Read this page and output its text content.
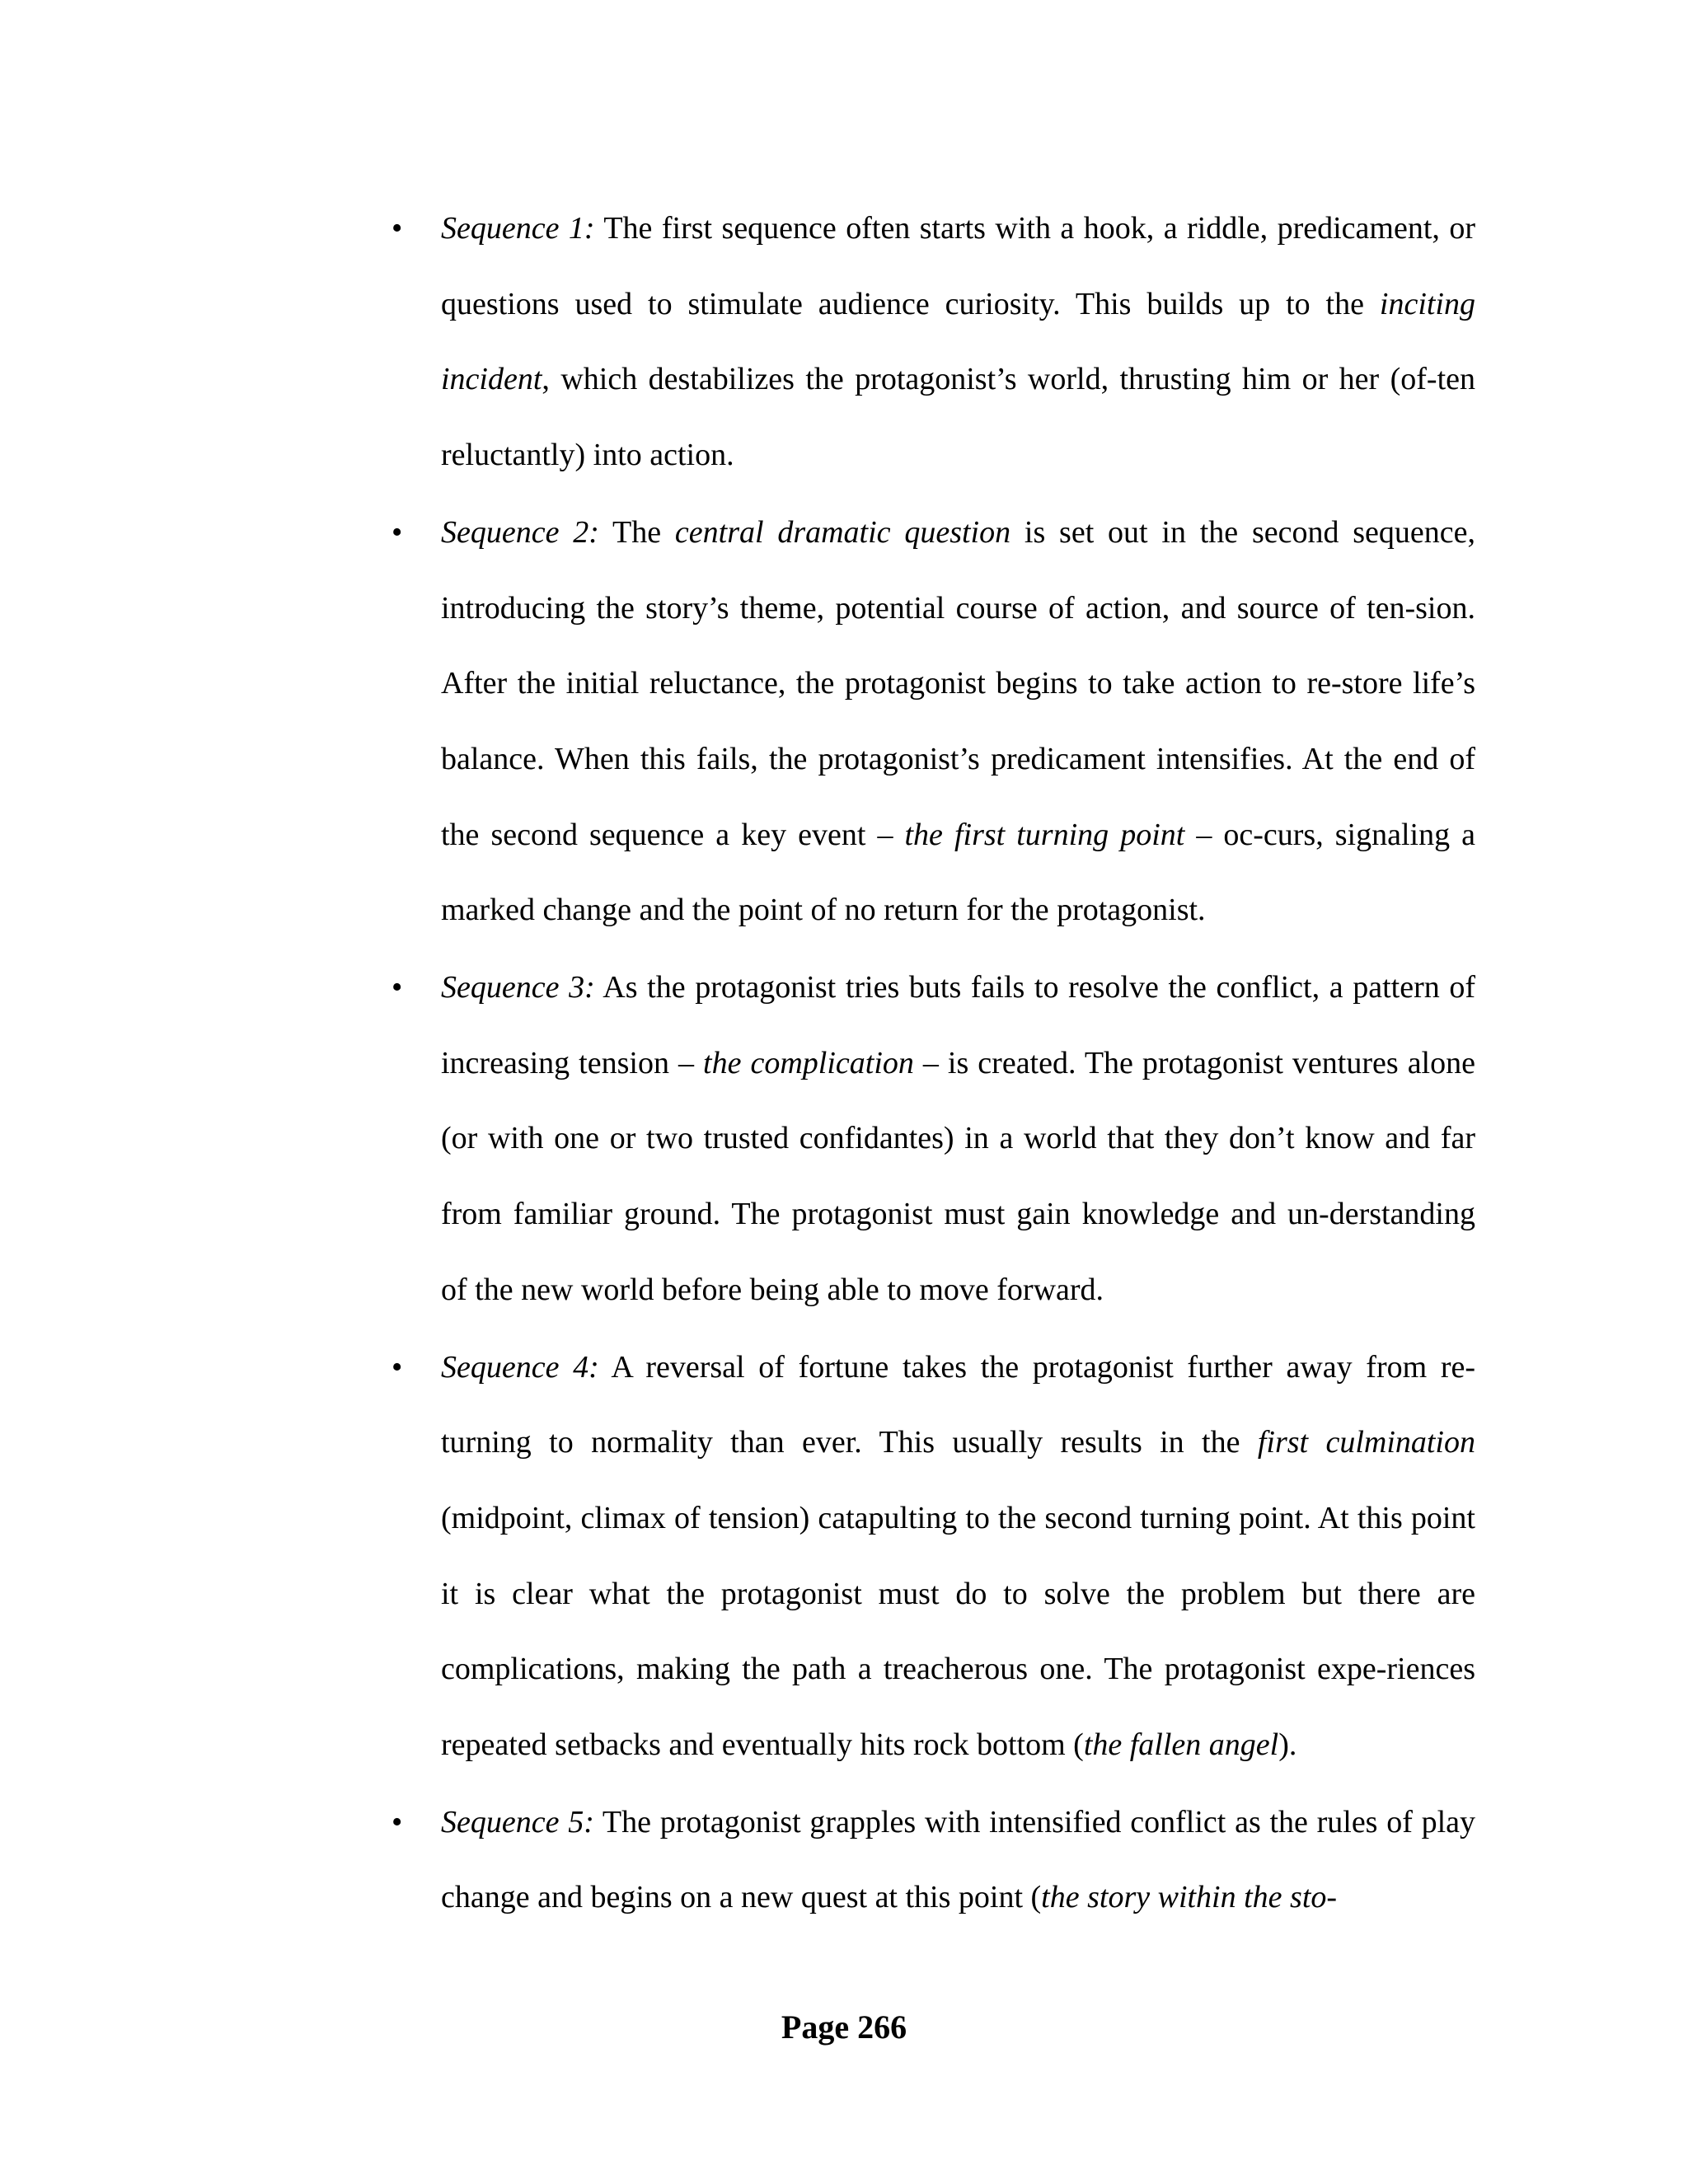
• Sequence 1: The first sequence often starts with a hook, a riddle, predicament, or questions used to stimulate audience curiosity. This builds up to the inciting incident, which destabilizes the protagonist’s world, thrusting him or her (of-ten reluctantly) into action.
• Sequence 2: The central dramatic question is set out in the second sequence, introducing the story’s theme, potential course of action, and source of ten-sion. After the initial reluctance, the protagonist begins to take action to re-store life’s balance. When this fails, the protagonist’s predicament intensifies. At the end of the second sequence a key event – the first turning point – oc-curs, signaling a marked change and the point of no return for the protagonist.
• Sequence 3: As the protagonist tries buts fails to resolve the conflict, a pattern of increasing tension – the complication – is created. The protagonist ventures alone (or with one or two trusted confidantes) in a world that they don’t know and far from familiar ground. The protagonist must gain knowledge and un-derstanding of the new world before being able to move forward.
• Sequence 4: A reversal of fortune takes the protagonist further away from re-turning to normality than ever. This usually results in the first culmination (midpoint, climax of tension) catapulting to the second turning point. At this point it is clear what the protagonist must do to solve the problem but there are complications, making the path a treacherous one. The protagonist expe-riences repeated setbacks and eventually hits rock bottom (the fallen angel).
• Sequence 5: The protagonist grapples with intensified conflict as the rules of play change and begins on a new quest at this point (the story within the sto-
Page 266
